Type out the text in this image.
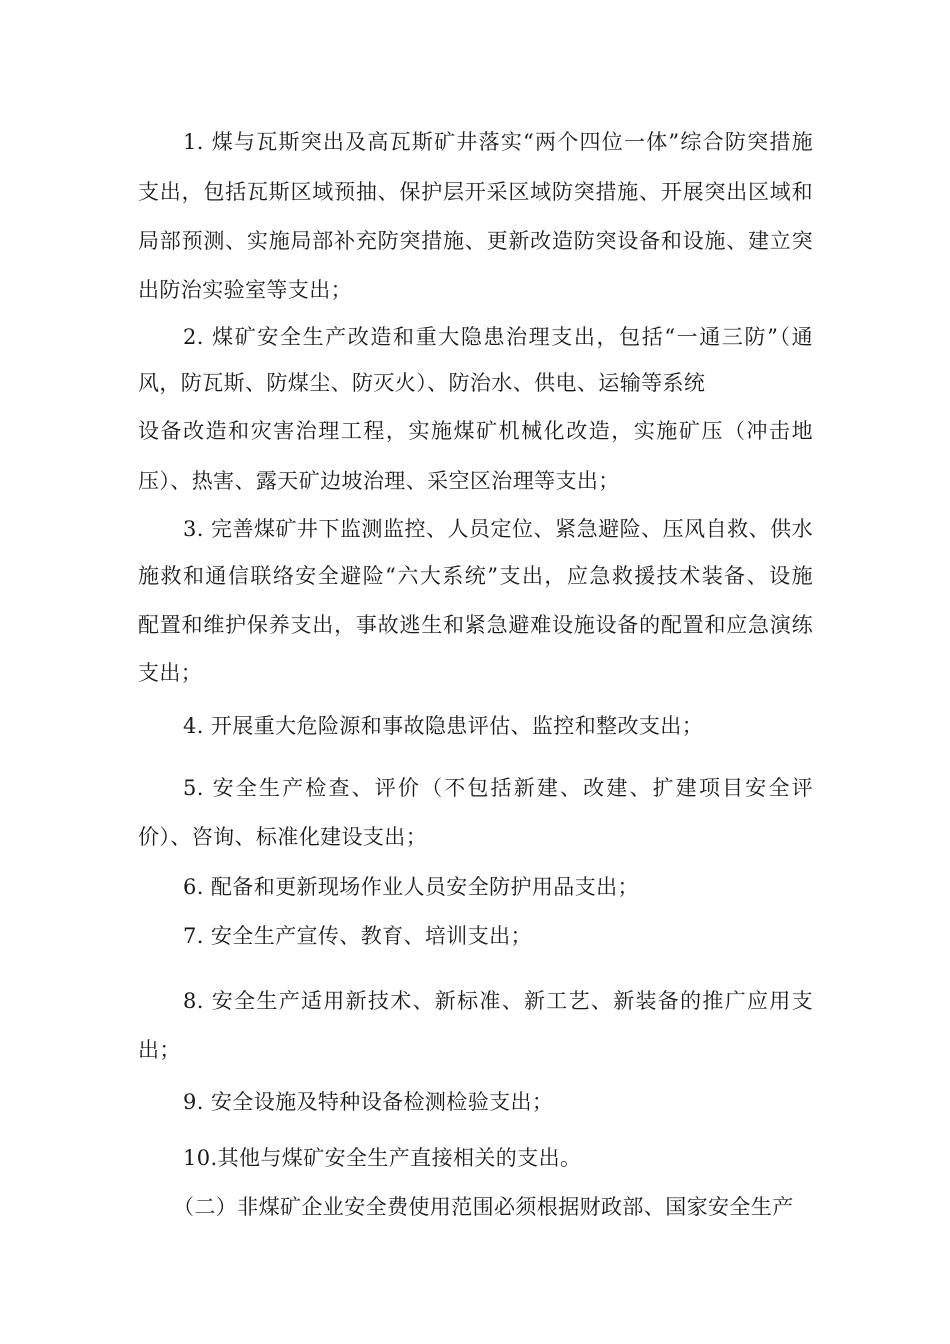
1. 煤与瓦斯突出及高瓦斯矿井落实“两个四位一体”综合防突措施
支出，包括瓦斯区域预抽、保护层开采区域防突措施、开展突出区域和
局部预测、实施局部补充防突措施、更新改造防突设备和设施、建立突
出防治实验室等支出；
2. 煤矿安全生产改造和重大隐患治理支出，包括“一通三防”（通
风，防瓦斯、防煤尘、防灭火）、防治水、供电、运输等系统
设备改造和灾害治理工程，实施煤矿机械化改造，实施矿压（冲击地
压）、热害、露天矿边坡治理、采空区治理等支出；
3. 完善煤矿井下监测监控、人员定位、紧急避险、压风自救、供水
施救和通信联络安全避险“六大系统”支出，应急救援技术装备、设施
配置和维护保养支出，事故逃生和紧急避难设施设备的配置和应急演练
支出；
4. 开展重大危险源和事故隐患评估、监控和整改支出；
5. 安全生产检查、评价（不包括新建、改建、扩建项目安全评
价）、咨询、标准化建设支出；
6. 配备和更新现场作业人员安全防护用品支出；
7. 安全生产宣传、教育、培训支出；
8. 安全生产适用新技术、新标准、新工艺、新装备的推广应用支
出；
9. 安全设施及特种设备检测检验支出；
10.其他与煤矿安全生产直接相关的支出。
（二）非煤矿企业安全费使用范围必须根据财政部、国家安全生产
